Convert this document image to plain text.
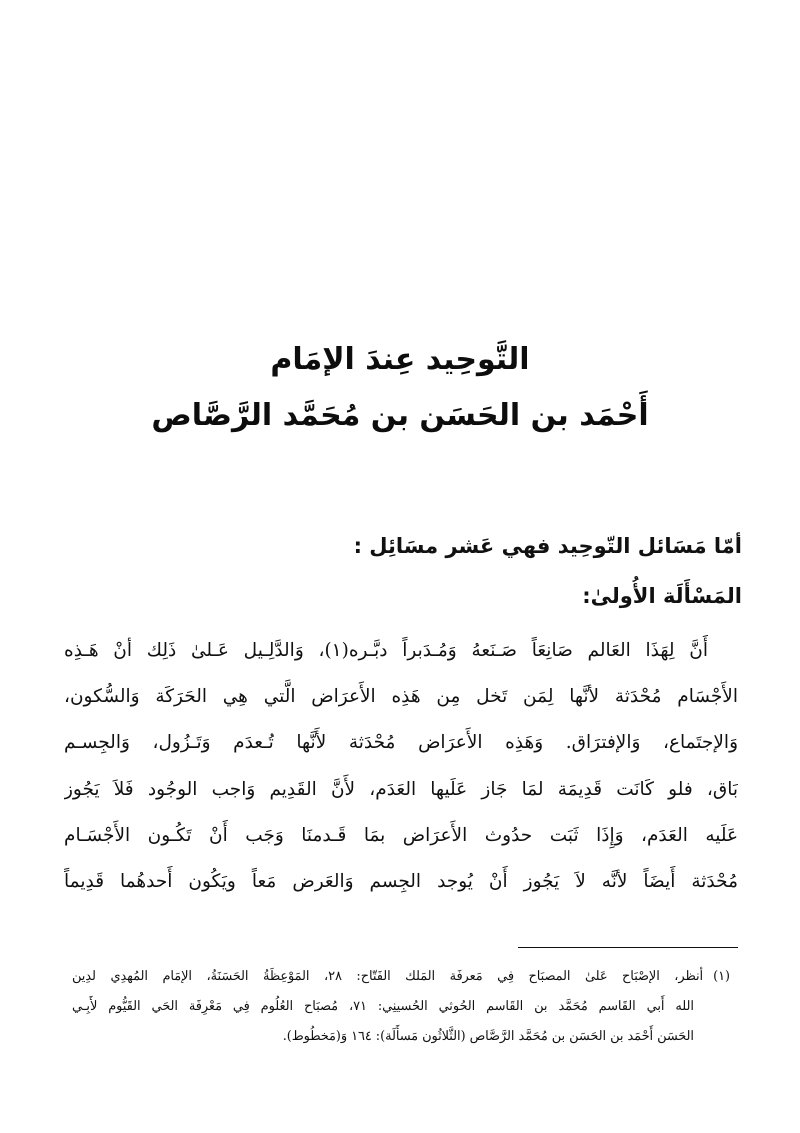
التَّوحِيد عِندَ الإمَام
أَحْمَد بن الحَسَن بن مُحَمَّد الرَّصَّاص
أمّا مَسَائل التّوحِيد فهي عَشر مسَائِل :
المَسْأَلَة الأُولىٰ:
أَنَّ لِهَذَا العَالم صَانِعَاً صَـنَعهُ وَمُـدَبراً دبَّـره(١)، وَالدَّلِـيل عَـلىٰ ذَلِك أنْ هَـذِه
الأَجْسَام مُحْدَثة لأنَّها لِمَن تَخل مِن هَذِه الأَعرَاض الَّتي هِي الحَرَكَة وَالسُّكون،
وَالإجتَماع، وَالإفترَاق. وَهَذِه الأَعرَاض مُحْدَثة لأَنَّها تُـعدَم وَتَـزُول، وَالجِسـم
بَاق، فلو كَانَت قَدِيمَة لمَا جَاز عَلَيها العَدَم، لأَنَّ القَدِيم وَاجب الوجُود فَلاَ يَجُوز
عَلَيه العَدَم، وَإِذَا ثَبَت حدُوث الأَعرَاض بمَا قَـدمنَا وَجَب أَنْ تَكُـون الأَجْسَـام
مُحْدَثة أَيضَاً لأنَّه لاَ يَجُوز أَنْ يُوجد الجِسم وَالعَرض مَعاً ويَكُون أَحدهُما قَدِيماً
(١)أنظر، الإصْبَاح عَلىٰ المصبَاح فِي مَعرفَة المَلك الفَتّاح: ٢٨، المَوْعِظَةُ الحَسَنَةُ، الإمَام المُهدِي لدِين
الله أَبي القَاسم مُحَمَّد بن القَاسم الحُوثي الحُسينِي: ٧١، مُصبَاح العُلُوم فِي مَعْرِفَة الحَي القَيُّوم لأَبِـي
الحَسَن أَحْمَد بن الحَسَن بن مُحَمَّد الرَّصَّاص (الثَّلاثُون مَسأَلَة): ١٦٤ وَ(مَخطُوط).
